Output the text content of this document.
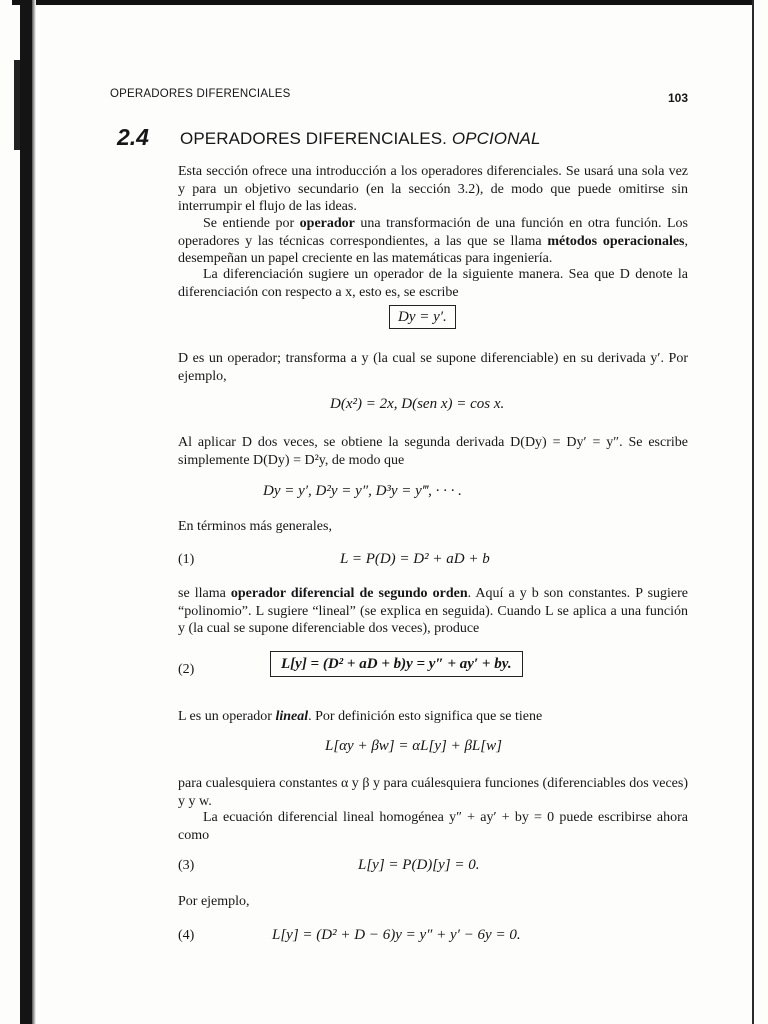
OPERADORES DIFERENCIALES	103
2.4 OPERADORES DIFERENCIALES. OPCIONAL
Esta sección ofrece una introducción a los operadores diferenciales. Se usará una sola vez y para un objetivo secundario (en la sección 3.2), de modo que puede omitirse sin interrumpir el flujo de las ideas.
Se entiende por operador una transformación de una función en otra función. Los operadores y las técnicas correspondientes, a las que se llama métodos operacionales, desempeñan un papel creciente en las matemáticas para ingeniería.
La diferenciación sugiere un operador de la siguiente manera. Sea que D denote la diferenciación con respecto a x, esto es, se escribe
Dy = y′.
D es un operador; transforma a y (la cual se supone diferenciable) en su derivada y′. Por ejemplo,
D(x²) = 2x, D(sen x) = cos x.
Al aplicar D dos veces, se obtiene la segunda derivada D(Dy) = Dy′ = y″. Se escribe simplemente D(Dy) = D²y, de modo que
Dy = y′, D²y = y″, D³y = y‴, · · · .
En términos más generales,
(1)	L = P(D) = D² + aD + b
se llama operador diferencial de segundo orden. Aquí a y b son constantes. P sugiere “polinomio”. L sugiere “lineal” (se explica en seguida). Cuando L se aplica a una función y (la cual se supone diferenciable dos veces), produce
(2)	L[y] = (D² + aD + b)y = y″ + ay′ + by.
L es un operador lineal. Por definición esto significa que se tiene
L[αy + βw] = αL[y] + βL[w]
para cualesquiera constantes α y β y para cuálesquiera funciones (diferenciables dos veces) y y w.
La ecuación diferencial lineal homogénea y″ + ay′ + by = 0 puede escribirse ahora como
(3)	L[y] = P(D)[y] = 0.
Por ejemplo,
(4)	L[y] = (D² + D − 6)y = y″ + y′ − 6y = 0.
